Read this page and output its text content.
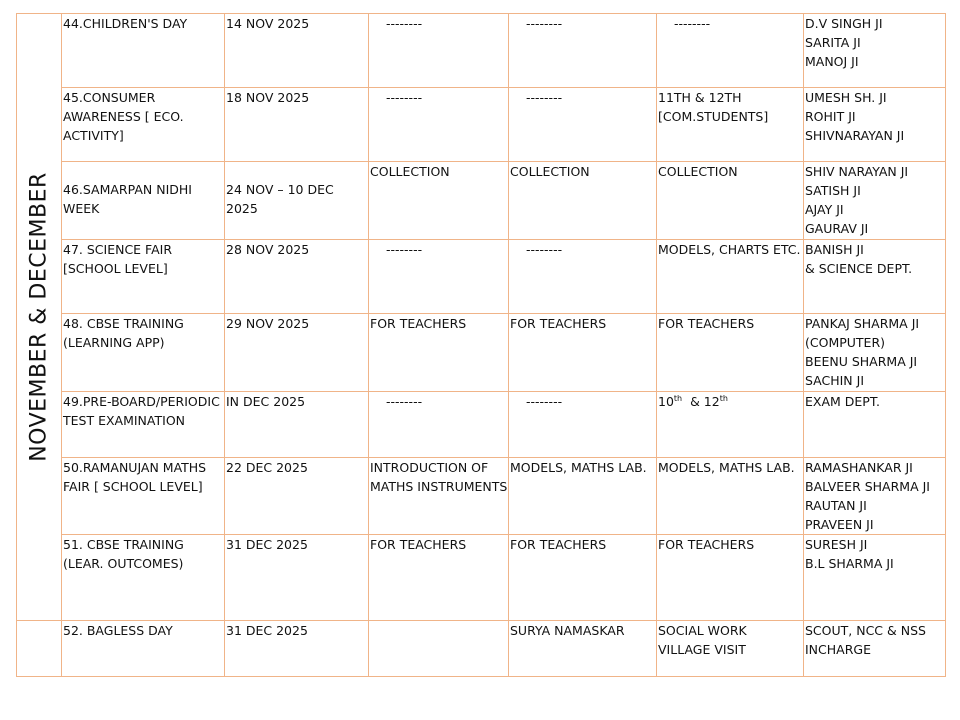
NOVEMBER & DECEMBER	44.CHILDREN'S DAY	14 NOV 2025	--------	--------	--------	D.V SINGH JI
SARITA JI
MANOJ JI

	45.CONSUMER AWARENESS [ ECO. ACTIVITY]	18 NOV 2025	--------	--------	11TH & 12TH [COM.STUDENTS]	UMESH SH. JI
ROHIT JI
SHIVNARAYAN JI

	46.SAMARPAN NIDHI WEEK	24 NOV – 10 DEC 2025	COLLECTION	COLLECTION	COLLECTION	SHIV NARAYAN JI
SATISH JI
AJAY JI
GAURAV JI

	47. SCIENCE FAIR [SCHOOL LEVEL]	28 NOV 2025	--------	--------	MODELS, CHARTS ETC.	BANISH JI
& SCIENCE DEPT.

	48. CBSE TRAINING (LEARNING APP)	29 NOV 2025	FOR TEACHERS	FOR TEACHERS	FOR TEACHERS	PANKAJ SHARMA JI
(COMPUTER)
BEENU SHARMA JI
SACHIN JI

	49.PRE-BOARD/PERIODIC TEST EXAMINATION	IN DEC 2025	--------	--------	10th  & 12th	EXAM DEPT.

	50.RAMANUJAN MATHS FAIR [ SCHOOL LEVEL]	22 DEC 2025	INTRODUCTION OF MATHS INSTRUMENTS	MODELS, MATHS LAB.	MODELS, MATHS LAB.	RAMASHANKAR JI
BALVEER SHARMA JI
RAUTAN JI
PRAVEEN JI

	51. CBSE TRAINING (LEAR. OUTCOMES)	31 DEC 2025	FOR TEACHERS	FOR TEACHERS	FOR TEACHERS	SURESH JI
B.L SHARMA JI

	52. BAGLESS DAY	31 DEC 2025		SURYA NAMASKAR	SOCIAL WORK VILLAGE VISIT	SCOUT, NCC & NSS INCHARGE
